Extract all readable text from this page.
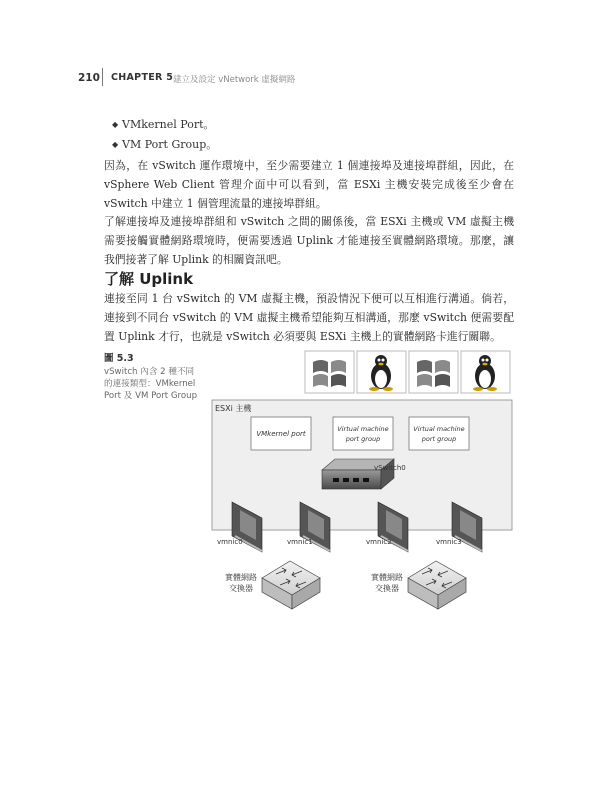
210 CHAPTER 5 建立及設定 vNetwork 虛擬網路
◆ VMkernel Port。
◆ VM Port Group。

因為，在 vSwitch 運作環境中，至少需要建立 1 個連接埠及連接埠群組，因此，在 vSphere Web Client 管理介面中可以看到，當 ESXi 主機安裝完成後至少會在 vSwitch 中建立 1 個管理流量的連接埠群組。

了解連接埠及連接埠群組和 vSwitch 之間的關係後，當 ESXi 主機或 VM 虛擬主機需要接觸實體網路環境時，便需要透過 Uplink 才能連接至實體網路環境。那麼，讓我們接著了解 Uplink 的相關資訊吧。

了解 Uplink

連接至同 1 台 vSwitch 的 VM 虛擬主機，預設情況下便可以互相進行溝通。倘若，連接到不同台 vSwitch 的 VM 虛擬主機希望能夠互相溝通，那麼 vSwitch 便需要配置 Uplink 才行，也就是 vSwitch 必須要與 ESXi 主機上的實體網路卡進行關聯。

圖 5.3

vSwitch 內含 2 種不同的連接類型：VMkernel Port 及 VM Port Group

ESXi 主機
VMkernel port
Virtual machine
port group
Virtual machine
port group
vSwitch0
vmnic0	vmnic1	vmnic2	vmnic3
實體網路
交換器
實體網路
交換器
